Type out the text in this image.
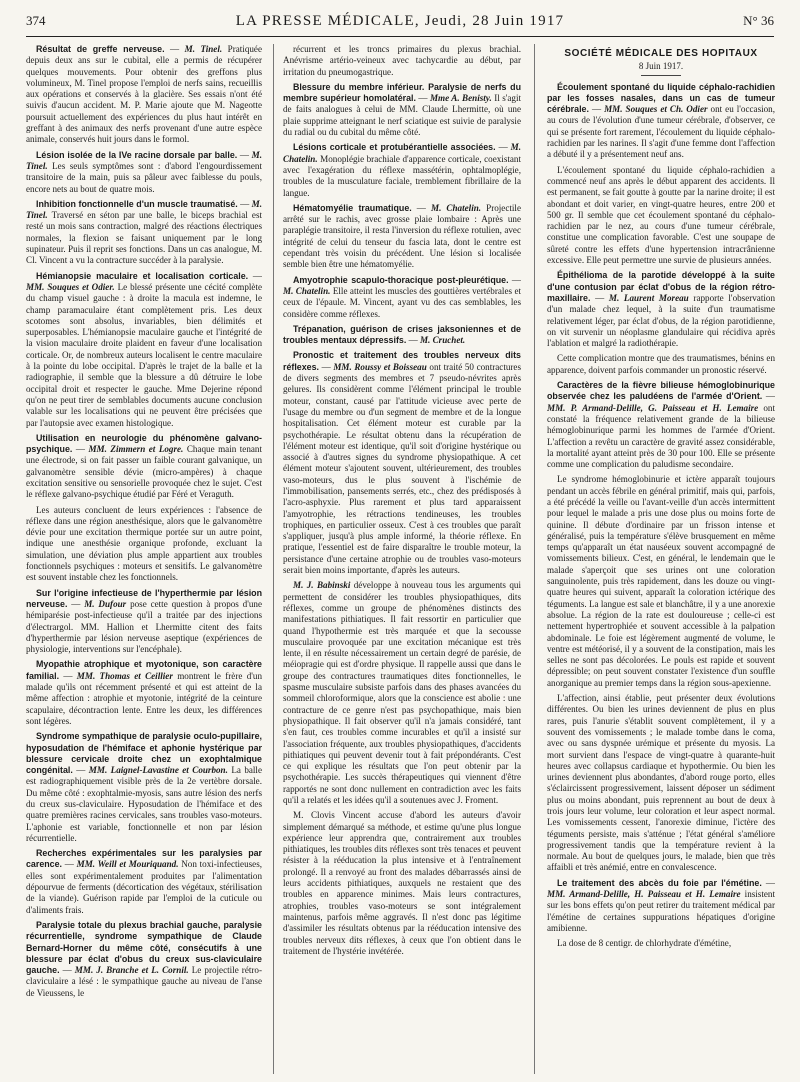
374	LA PRESSE MÉDICALE, Jeudi, 28 Juin 1917	N° 36

Résultat de greffe nerveuse. — M. Tinel. Pratiquée depuis deux ans sur le cubital, elle a permis de récupérer quelques mouvements. Pour obtenir des greffons plus volumineux, M. Tinel propose l'emploi de nerfs sains, recueillis aux opérations et conservés à la glacière. Ses essais n'ont été suivis d'aucun accident. M. P. Marie ajoute que M. Nageotte poursuit actuellement des expériences du plus haut intérêt en greffant à des animaux des nerfs provenant d'une autre espèce animale, conservés huit jours dans le formol.

Lésion isolée de la IVe racine dorsale par balle. — M. Tinel. Les seuls symptômes sont : d'abord l'engourdissement transitoire de la main, puis sa pâleur avec faiblesse du pouls, encore nets au bout de quatre mois.

Inhibition fonctionnelle d'un muscle traumatisé. — M. Tinel. Traversé en séton par une balle, le biceps brachial est resté un mois sans contraction, malgré des réactions électriques normales, la flexion se faisant uniquement par le long supinateur. Puis il reprit ses fonctions. Dans un cas analogue, M. Cl. Vincent a vu la contracture succéder à la paralysie.

Hémianopsie maculaire et localisation corticale. — MM. Souques et Odier. Le blessé présente une cécité complète du champ visuel gauche : à droite la macula est indemne, le champ paramaculaire étant complètement pris. Les deux scotomes sont absolus, invariables, bien délimités et superposables. L'hémianopsie maculaire gauche et l'intégrité de la vision maculaire droite plaident en faveur d'une localisation corticale. Or, de nombreux auteurs localisent le centre maculaire à la pointe du lobe occipital. D'après le trajet de la balle et la radiographie, il semble que la blessure a dû détruire le lobe occipital droit et respecter le gauche. Mme Dejerine répond qu'on ne peut tirer de semblables documents aucune conclusion valable sur les localisations qui ne peuvent être précisées que par l'autopsie avec examen histologique.

Utilisation en neurologie du phénomène galvano-psychique. — MM. Zimmern et Logre. Chaque main tenant une électrode, si on fait passer un faible courant galvanique, un galvanomètre sensible dévie (micro-ampères) à chaque excitation sensitive ou sensorielle provoquée chez le sujet. C'est le réflexe galvano-psychique étudié par Féré et Veraguth.

Les auteurs concluent de leurs expériences : l'absence de réflexe dans une région anesthésique, alors que le galvanomètre dévie pour une excitation thermique portée sur un autre point, indique une anesthésie organique profonde, excluant la simulation, une déviation plus ample appartient aux troubles fonctionnels psychiques : moteurs et sensitifs. Le galvanomètre est souvent instable chez les fonctionnels.

Sur l'origine infectieuse de l'hyperthermie par lésion nerveuse. — M. Dufour pose cette question à propos d'une hémiparésie post-infectieuse qu'il a traitée par des injections d'électrargol. MM. Hallion et Lhermitte citent des faits d'hyperthermie par lésion nerveuse aseptique (expériences de physiologie, interventions sur l'encéphale).

Myopathie atrophique et myotonique, son caractère familial. — MM. Thomas et Ceillier montrent le frère d'un malade qu'ils ont récemment présenté et qui est atteint de la même affection : atrophie et myotonie, intégrité de la ceinture scapulaire, décontraction lente. Entre les deux, les différences sont légères.

Syndrome sympathique de paralysie oculo-pupillaire, hyposudation de l'hémiface et aphonie hystérique par blessure cervicale droite chez un exophtalmique congénital. — MM. Laignel-Lavastine et Courbon. La balle est radiographiquement visible près de la 2e vertèbre dorsale. Du même côté : exophtalmie-myosis, sans autre lésion des nerfs du creux sus-claviculaire. Hyposudation de l'hémiface et des quatre premières racines cervicales, sans troubles vaso-moteurs. L'aphonie est variable, fonctionnelle et non par lésion récurrentielle.

Recherches expérimentales sur les paralysies par carence. — MM. Weill et Mouriquand. Non toxi-infectieuses, elles sont expérimentalement produites par l'alimentation dépourvue de ferments (décortication des végétaux, stérilisation de la viande). Guérison rapide par l'emploi de la cuticule ou d'aliments frais.

Paralysie totale du plexus brachial gauche, paralysie récurrentielle, syndrome sympathique de Claude Bernard-Horner du même côté, consécutifs à une blessure par éclat d'obus du creux sus-claviculaire gauche. — MM. J. Branche et L. Cornil. Le projectile rétro-claviculaire a lésé : le sympathique gauche au niveau de l'anse de Vieussens, le

récurrent et les troncs primaires du plexus brachial. Anévrisme artério-veineux avec tachycardie au début, par irritation du pneumogastrique.

Blessure du membre inférieur. Paralysie de nerfs du membre supérieur homolatéral. — Mme A. Benisty. Il s'agit de faits analogues à celui de MM. Claude Lhermitte, où une plaie supprime atteignant le nerf sciatique est suivie de paralysie du radial ou du cubital du même côté.

Lésions corticale et protubérantielle associées. — M. Chatelin. Monoplégie brachiale d'apparence corticale, coexistant avec l'exagération du réflexe massétérin, ophtalmoplégie, troubles de la musculature faciale, tremblement fibrillaire de la langue.

Hématomyélie traumatique. — M. Chatelin. Projectile arrêté sur le rachis, avec grosse plaie lombaire : Après une paraplégie transitoire, il resta l'inversion du réflexe rotulien, avec intégrité de celui du tenseur du fascia lata, dont le centre est cependant très voisin du précédent. Une lésion si localisée semble bien être une hématomyélie.

Amyotrophie scapulo-thoracique post-pleurétique. — M. Chatelin. Elle atteint les muscles des gouttières vertébrales et ceux de l'épaule. M. Vincent, ayant vu des cas semblables, les considère comme réflexes.

Trépanation, guérison de crises jaksoniennes et de troubles mentaux dépressifs. — M. Cruchet.

Pronostic et traitement des troubles nerveux dits réflexes. — MM. Roussy et Boisseau ont traité 50 contractures de divers segments des membres et 7 pseudo-névrites après gelures. Ils considèrent comme l'élément principal le trouble moteur, constant, causé par l'attitude vicieuse avec perte de l'usage du membre ou d'un segment de membre et de la longue hospitalisation. Cet élément moteur est curable par la psychothérapie. Le résultat obtenu dans la récupération de l'élément moteur est identique, qu'il soit d'origine hystérique ou associé à d'autres signes du syndrome physiopathique. A cet élément moteur s'ajoutent souvent, ultérieurement, des troubles vaso-moteurs, dus le plus souvent à l'ischémie de l'immobilisation, pansements serrés, etc., chez des prédisposés à l'acro-asphyxie. Plus rarement et plus tard apparaissent l'amyotrophie, les rétractions tendineuses, les troubles trophiques, en particulier osseux. C'est à ces troubles que paraît s'appliquer, jusqu'à plus ample informé, la théorie réflexe. En pratique, l'essentiel est de faire disparaître le trouble moteur, la persistance d'une certaine atrophie ou de troubles vaso-moteurs serait bien moins importante, d'après les auteurs.

M. J. Babinski développe à nouveau tous les arguments qui permettent de considérer les troubles physiopathiques, dits réflexes, comme un groupe de phénomènes distincts des manifestations pithiatiques. Il fait ressortir en particulier que quand l'hypothermie est très marquée et que la secousse musculaire provoquée par une excitation mécanique est très lente, il en résulte nécessairement un certain degré de parésie, de méiopragie qui est d'ordre physique. Il rappelle aussi que dans le groupe des contractures traumatiques dites fonctionnelles, le spasme musculaire subsiste parfois dans des phases avancées du sommeil chloroformique, alors que la conscience est abolie : une contracture de ce genre n'est pas psychopathique, mais bien physiopathique. Il fait observer qu'il n'a jamais considéré, tant s'en faut, ces troubles comme incurables et qu'il a insisté sur l'association fréquente, aux troubles physiopathiques, d'accidents pithiatiques qui peuvent devenir tout à fait prépondérants. C'est ce qui explique les résultats que l'on peut obtenir par la psychothérapie. Les succès thérapeutiques qui viennent d'être rapportés ne sont donc nullement en contradiction avec les faits qu'il a relatés et les idées qu'il a soutenues avec J. Froment.

M. Clovis Vincent accuse d'abord les auteurs d'avoir simplement démarqué sa méthode, et estime qu'une plus longue expérience leur apprendra que, contrairement aux troubles pithiatiques, les troubles dits réflexes sont très tenaces et peuvent résister à la rééducation la plus intensive et à l'entraînement prolongé. Il a renvoyé au front des malades débarrassés ainsi de leurs accidents pithiatiques, auxquels ne restaient que des troubles en apparence minimes. Mais leurs contractures, atrophies, troubles vaso-moteurs se sont intégralement maintenus, parfois même aggravés. Il n'est donc pas légitime d'assimiler les résultats obtenus par la rééducation intensive des troubles nerveux dits réflexes, à ceux que l'on obtient dans le traitement de l'hystérie invétérée.

SOCIÉTÉ MÉDICALE DES HOPITAUX
8 Juin 1917.

Écoulement spontané du liquide céphalo-rachidien par les fosses nasales, dans un cas de tumeur cérébrale. — MM. Souques et Ch. Odier ont eu l'occasion, au cours de l'évolution d'une tumeur cérébrale, d'observer, ce qui se présente fort rarement, l'écoulement du liquide céphalo-rachidien par les narines. Il s'agit d'une femme dont l'affection a débuté il y a présentement neuf ans.

L'écoulement spontané du liquide céphalo-rachidien a commencé neuf ans après le début apparent des accidents. Il est permanent, se fait goutte à goutte par la narine droite; il est abondant et doit varier, en vingt-quatre heures, entre 200 et 500 gr. Il semble que cet écoulement spontané du céphalo-rachidien par le nez, au cours d'une tumeur cérébrale, constitue une complication favorable. C'est une soupape de sûreté contre les effets d'une hypertension intracrânienne excessive. Elle peut permettre une survie de plusieurs années.

Épithélioma de la parotide développé à la suite d'une contusion par éclat d'obus de la région rétro-maxillaire. — M. Laurent Moreau rapporte l'observation d'un malade chez lequel, à la suite d'un traumatisme relativement léger, par éclat d'obus, de la région parotidienne, on vit survenir un néoplasme glandulaire qui récidiva après l'ablation et malgré la radiothérapie.

Cette complication montre que des traumatismes, bénins en apparence, doivent parfois commander un pronostic réservé.

Caractères de la fièvre bilieuse hémoglobinurique observée chez les paludéens de l'armée d'Orient. — MM. P. Armand-Delille, G. Paisseau et H. Lemaire ont constaté la fréquence relativement grande de la bilieuse hémoglobinurique parmi les hommes de l'armée d'Orient. L'affection a revêtu un caractère de gravité assez considérable, la mortalité ayant atteint près de 30 pour 100. Elle se présente comme une complication du paludisme secondaire.

Le syndrome hémoglobinurie et ictère apparaît toujours pendant un accès fébrile en général primitif, mais qui, parfois, a été précédé la veille ou l'avant-veille d'un accès intermittent pour lequel le malade a pris une dose plus ou moins forte de quinine. Il débute d'ordinaire par un frisson intense et généralisé, puis la température s'élève brusquement en même temps qu'apparaît un état nauséeux souvent accompagné de vomissements bilieux. C'est, en général, le lendemain que le malade s'aperçoit que ses urines ont une coloration sanguinolente, puis très rapidement, dans les douze ou vingt-quatre heures qui suivent, apparaît la coloration ictérique des téguments. La langue est sale et blanchâtre, il y a une anorexie absolue. La région de la rate est douloureuse ; celle-ci est nettement hypertrophiée et souvent accessible à la palpation abdominale. Le foie est légèrement augmenté de volume, le ventre est météorisé, il y a souvent de la constipation, mais les selles ne sont pas décolorées. Le pouls est rapide et souvent dépressible; on peut souvent constater l'existence d'un souffle anorganique au premier temps dans la région sous-apexienne.

L'affection, ainsi établie, peut présenter deux évolutions différentes. Ou bien les urines deviennent de plus en plus rares, puis l'anurie s'établit souvent complètement, il y a souvent des vomissements ; le malade tombe dans le coma, avec ou sans dyspnée urémique et présente du myosis. La mort survient dans l'espace de vingt-quatre à quarante-huit heures avec collapsus cardiaque et hypothermie. Ou bien les urines deviennent plus abondantes, d'abord rouge porto, elles s'éclaircissent progressivement, laissent déposer un sédiment plus ou moins abondant, puis reprennent au bout de deux à trois jours leur volume, leur coloration et leur aspect normal. Les vomissements cessent, l'anorexie diminue, l'ictère des téguments persiste, mais s'atténue ; l'état général s'améliore progressivement tandis que la température revient à la normale. Au bout de quelques jours, le malade, bien que très affaibli et très anémié, entre en convalescence.

Le traitement des abcès du foie par l'émétine. — MM. Armand-Delille, H. Paisseau et H. Lemaire insistent sur les bons effets qu'on peut retirer du traitement médical par l'émétine de certaines suppurations hépatiques d'origine amibienne.

La dose de 8 centigr. de chlorhydrate d'émétine,
